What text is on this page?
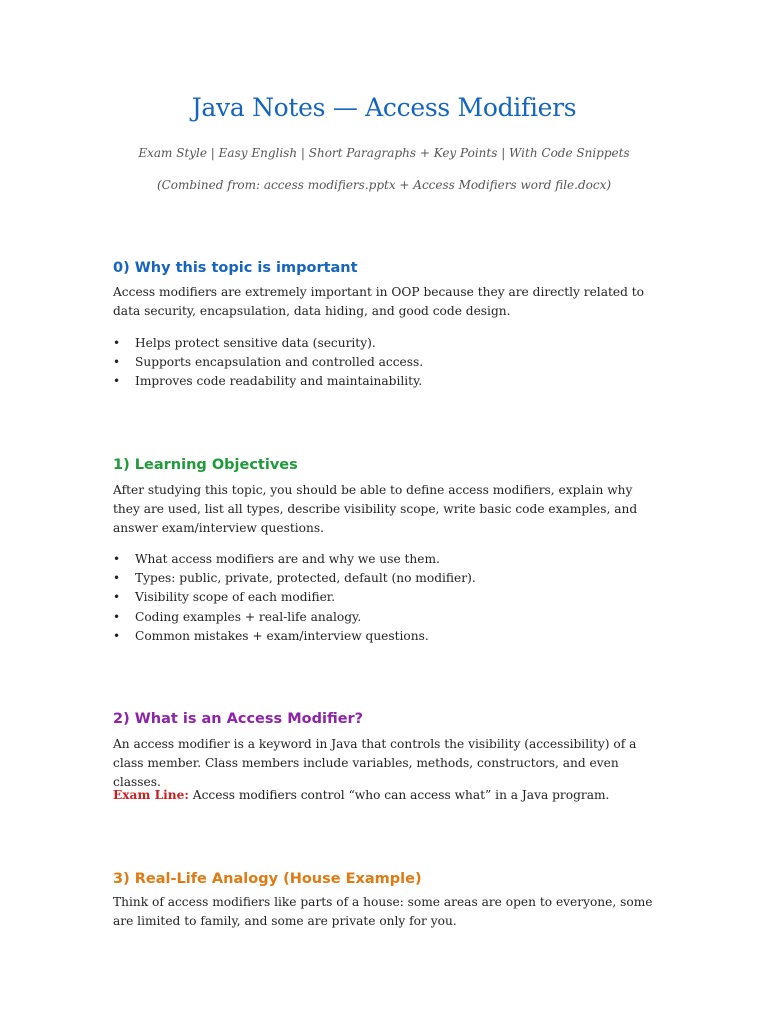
Java Notes — Access Modifiers
Exam Style | Easy English | Short Paragraphs + Key Points | With Code Snippets
(Combined from: access modifiers.pptx + Access Modifiers word file.docx)
0) Why this topic is important
Access modifiers are extremely important in OOP because they are directly related to data security, encapsulation, data hiding, and good code design.
• Helps protect sensitive data (security).
• Supports encapsulation and controlled access.
• Improves code readability and maintainability.
1) Learning Objectives
After studying this topic, you should be able to define access modifiers, explain why they are used, list all types, describe visibility scope, write basic code examples, and answer exam/interview questions.
• What access modifiers are and why we use them.
• Types: public, private, protected, default (no modifier).
• Visibility scope of each modifier.
• Coding examples + real-life analogy.
• Common mistakes + exam/interview questions.
2) What is an Access Modifier?
An access modifier is a keyword in Java that controls the visibility (accessibility) of a class member. Class members include variables, methods, constructors, and even classes.
Exam Line: Access modifiers control “who can access what” in a Java program.
3) Real-Life Analogy (House Example)
Think of access modifiers like parts of a house: some areas are open to everyone, some are limited to family, and some are private only for you.
